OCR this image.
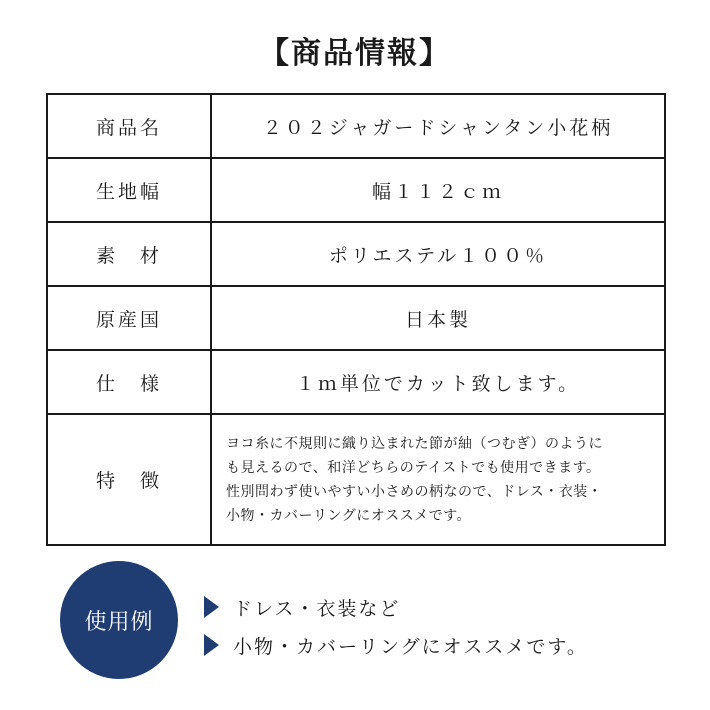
【商品情報】
商品名	２０２ジャガードシャンタン小花柄
生地幅	幅１１２ｃｍ
素　材	ポリエステル１００％
原産国	日本製
仕　様	１ｍ単位でカット致します。
特　徴	ヨコ糸に不規則に織り込まれた節が紬（つむぎ）のように
も見えるので、和洋どちらのテイストでも使用できます。
性別問わず使いやすい小さめの柄なので、ドレス・衣装・
小物・カバーリングにオススメです。
使用例
ドレス・衣装など
小物・カバーリングにオススメです。
